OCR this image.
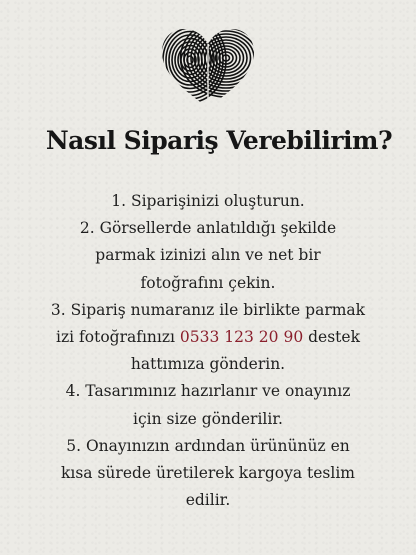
Nasıl Sipariş Verebilirim?
1. Siparişinizi oluşturun.
2. Görsellerde anlatıldığı şekilde
parmak izinizi alın ve net bir
fotoğrafını çekin.
3. Sipariş numaranız ile birlikte parmak
izi fotoğrafınızı 0533 123 20 90 destek
hattımıza gönderin.
4. Tasarımınız hazırlanır ve onayınız
için size gönderilir.
5. Onayınızın ardından ürününüz en
kısa sürede üretilerek kargoya teslim
edilir.
